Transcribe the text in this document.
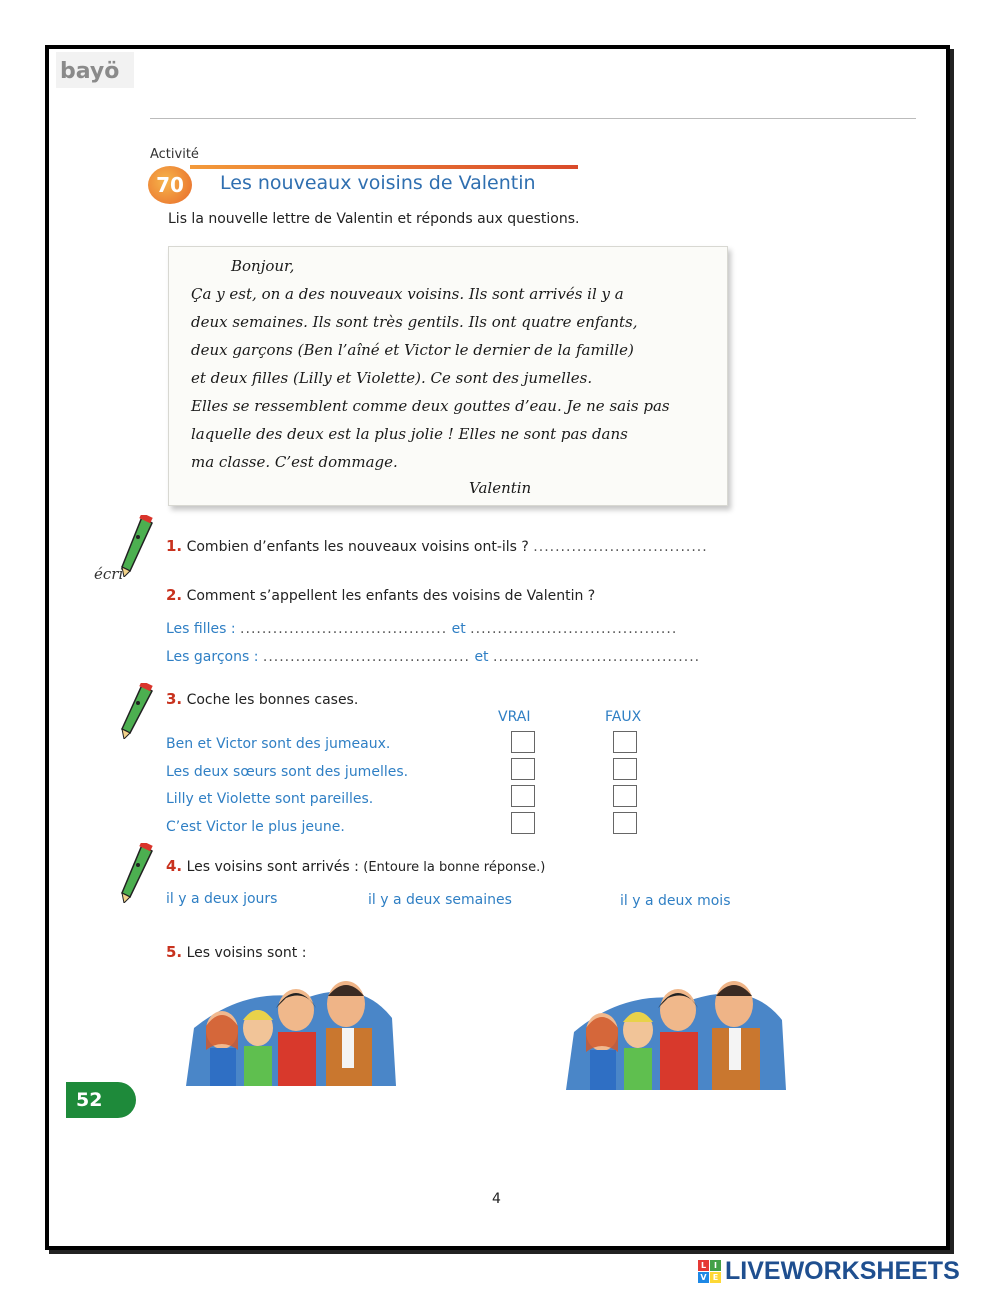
bayö
Activité
70	Les nouveaux voisins de Valentin
Lis la nouvelle lettre de Valentin et réponds aux questions.
Bonjour,
Ça y est, on a des nouveaux voisins. Ils sont arrivés il y a
deux semaines. Ils sont très gentils. Ils ont quatre enfants,
deux garçons (Ben l’aîné et Victor le dernier de la famille)
et deux filles (Lilly et Violette). Ce sont des jumelles.
Elles se ressemblent comme deux gouttes d’eau. Je ne sais pas
laquelle des deux est la plus jolie ! Elles ne sont pas dans
ma classe. C’est dommage.
Valentin
écri
1. Combien d’enfants les nouveaux voisins ont-ils ? ................................
2. Comment s’appellent les enfants des voisins de Valentin ?
Les filles : ...................................... et ......................................
Les garçons : ...................................... et ......................................
3. Coche les bonnes cases.
VRAI	FAUX
Ben et Victor sont des jumeaux.
Les deux sœurs sont des jumelles.
Lilly et Violette sont pareilles.
C’est Victor le plus jeune.
4. Les voisins sont arrivés : (Entoure la bonne réponse.)
il y a deux jours	il y a deux semaines	il y a deux mois
5. Les voisins sont :
52
4
L I
V E LIVEWORKSHEETS
